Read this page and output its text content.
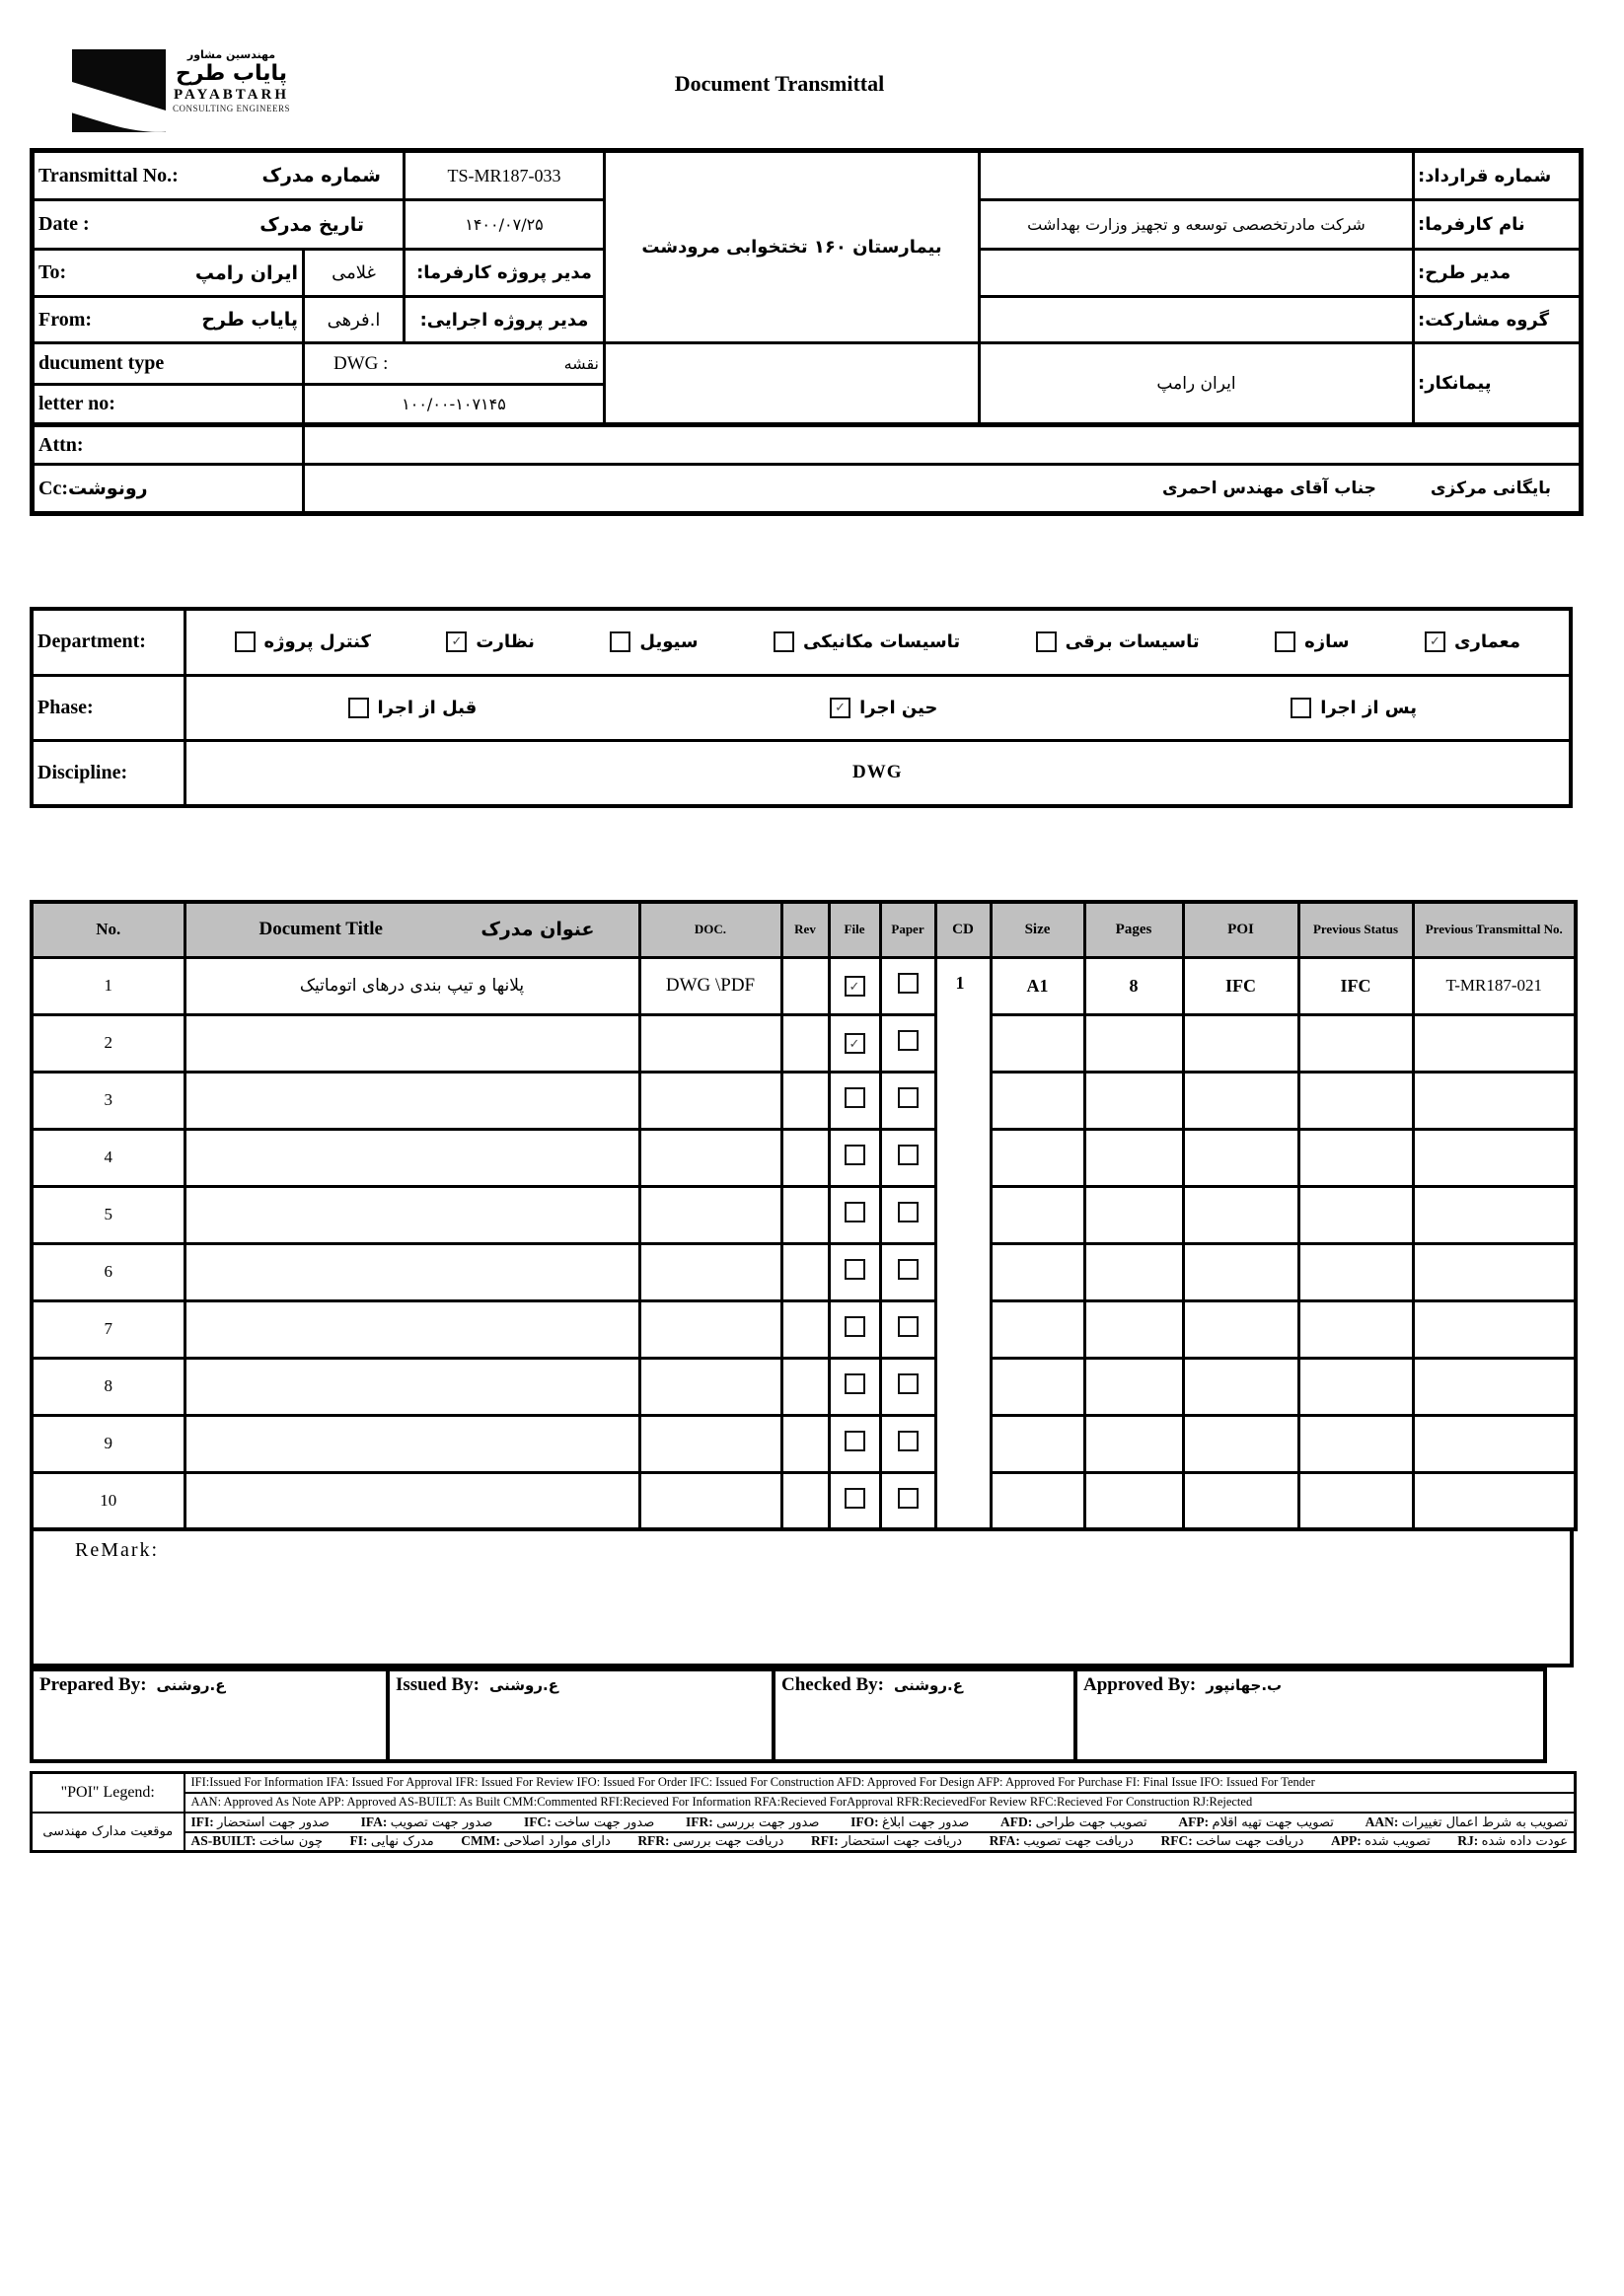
مهندسین مشاور
پایاب طرح
PAYABTARH
CONSULTING ENGINEERS
Document Transmittal
Transmittal No.: شماره مدرک		TS-MR187-033	بیمارستان ۱۶۰ تختخوابی مرودشت		شماره قرارداد:

Date : تاریخ مدرک		۱۴۰۰/۰۷/۲۵		شرکت مادرتخصصی توسعه و تجهیز وزارت بهداشت	نام کارفرما:

To: ایران رامپ	غلامی	مدیر پروژه کارفرما:			مدیر طرح:

From: پایاب طرح	ا.فرهی	مدیر پروژه اجرایی:			گروه مشارکت:
ducument type	DWG : نقشه			ایران رامپ	پیمانکار:
letter no:	۱۰۰/۰۰-۱۰۷۱۴۵				
Attn:					
Cc:رونوشت	بایگانی مرکزی
جناب آقای مهندس احمری				
Department:	معماری
✓
سازه
تاسیسات برقی
تاسیسات مکانیکی
سیویل
نظارت
✓
کنترل پروژه

Phase:	پس از اجرا
حین اجرا
✓
قبل از اجرا

Discipline:	DWG
No.	Document Title عنوان مدرک	DOC.	Rev	File	Paper	CD	Size	Pages	POI	Previous Status	Previous Transmittal No.
1	پلانها و تیپ بندی درهای اتوماتیک	DWG \PDF		✓		1	A1	8	IFC	IFC	T-MR187-021
2				✓							
3											
4											
5											
6											
7											
8											
9											
10											
ReMark:
Prepared By: ع.روشنی	Issued By: ع.روشنی	Checked By: ع.روشنی	Approved By: ب.جهانپور
"POI" Legend:	IFI:Issued For Information IFA: Issued For Approval IFR: Issued For Review IFO: Issued For Order IFC: Issued For Construction AFD: Approved For Design AFP: Approved For Purchase FI: Final Issue IFO: Issued For Tender
	AAN: Approved As Note APP: Approved AS-BUILT: As Built CMM:Commented RFI:Recieved For Information RFA:Recieved ForApproval RFR:RecievedFor Review RFC:Recieved For Construction RJ:Rejected
موقعیت مدارک مهندسی	
IFI: صدور جهت استحضار IFA: صدور جهت تصویب IFC: صدور جهت ساخت IFR: صدور جهت بررسی IFO: صدور جهت ابلاغ AFD: تصویب جهت طراحی AFP: تصویب جهت تهیه اقلام AAN: تصویب به شرط اعمال تغییرات

AS-BUILT: چون ساخت FI: مدرک نهایی CMM: دارای موارد اصلاحی RFR: دریافت جهت بررسی RFI: دریافت جهت استحضار RFA: دریافت جهت تصویب RFC: دریافت جهت ساخت APP: تصویب شده RJ: عودت داده شده
